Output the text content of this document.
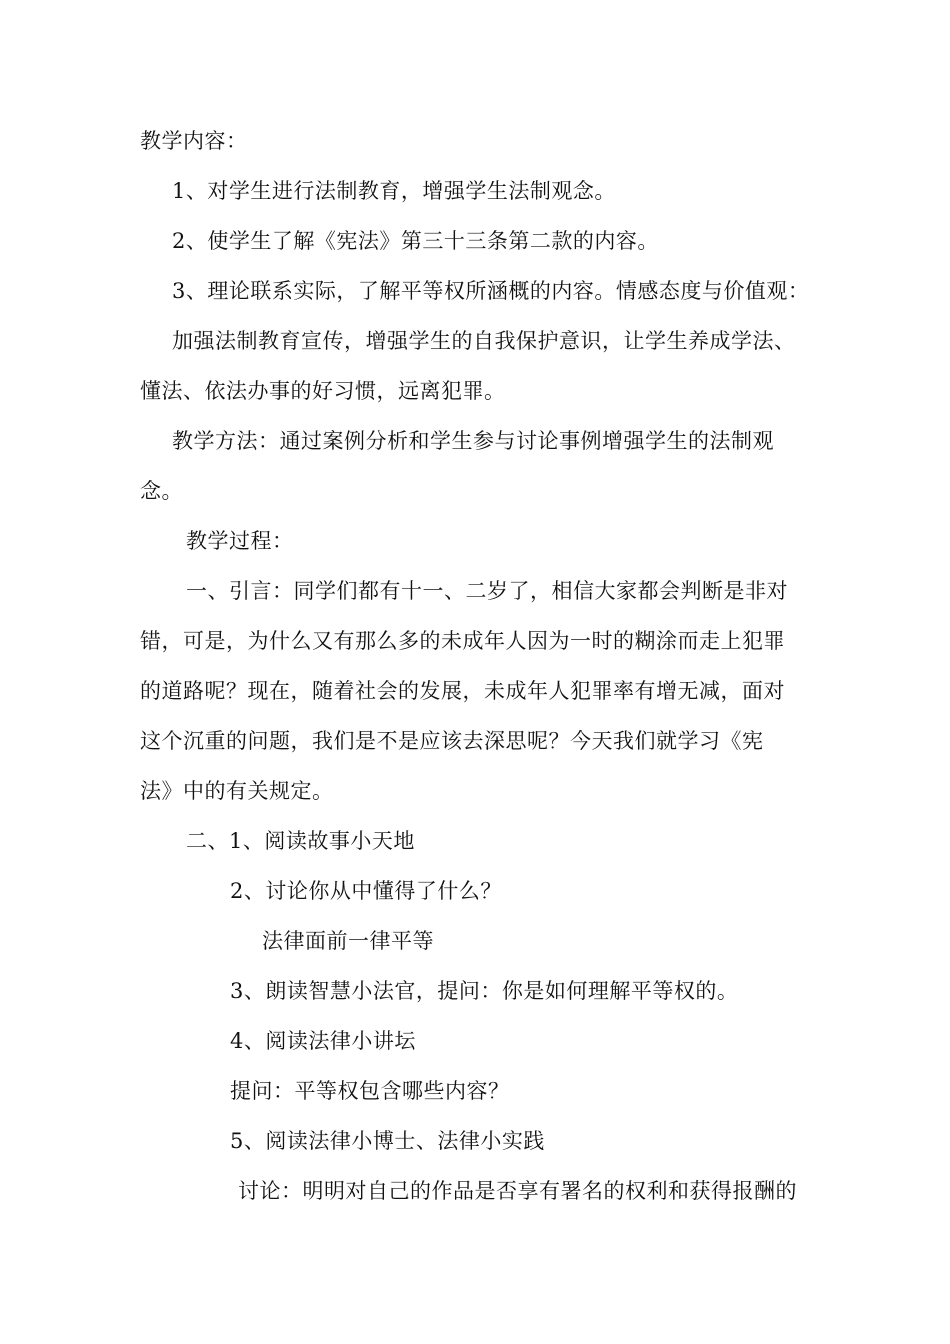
教学内容：
1、对学生进行法制教育，增强学生法制观念。
2、使学生了解《宪法》第三十三条第二款的内容。
3、理论联系实际，了解平等权所涵概的内容。情感态度与价值观：
加强法制教育宣传，增强学生的自我保护意识，让学生养成学法、
懂法、依法办事的好习惯，远离犯罪。
教学方法：通过案例分析和学生参与讨论事例增强学生的法制观
念。
教学过程：
一、引言：同学们都有十一、二岁了，相信大家都会判断是非对
错，可是，为什么又有那么多的未成年人因为一时的糊涂而走上犯罪
的道路呢？现在，随着社会的发展，未成年人犯罪率有增无减，面对
这个沉重的问题，我们是不是应该去深思呢？今天我们就学习《宪
法》中的有关规定。
二、1、阅读故事小天地
2、讨论你从中懂得了什么？
法律面前一律平等
3、朗读智慧小法官，提问：你是如何理解平等权的。
4、阅读法律小讲坛
提问：平等权包含哪些内容？
5、阅读法律小博士、法律小实践
讨论：明明对自己的作品是否享有署名的权利和获得报酬的
